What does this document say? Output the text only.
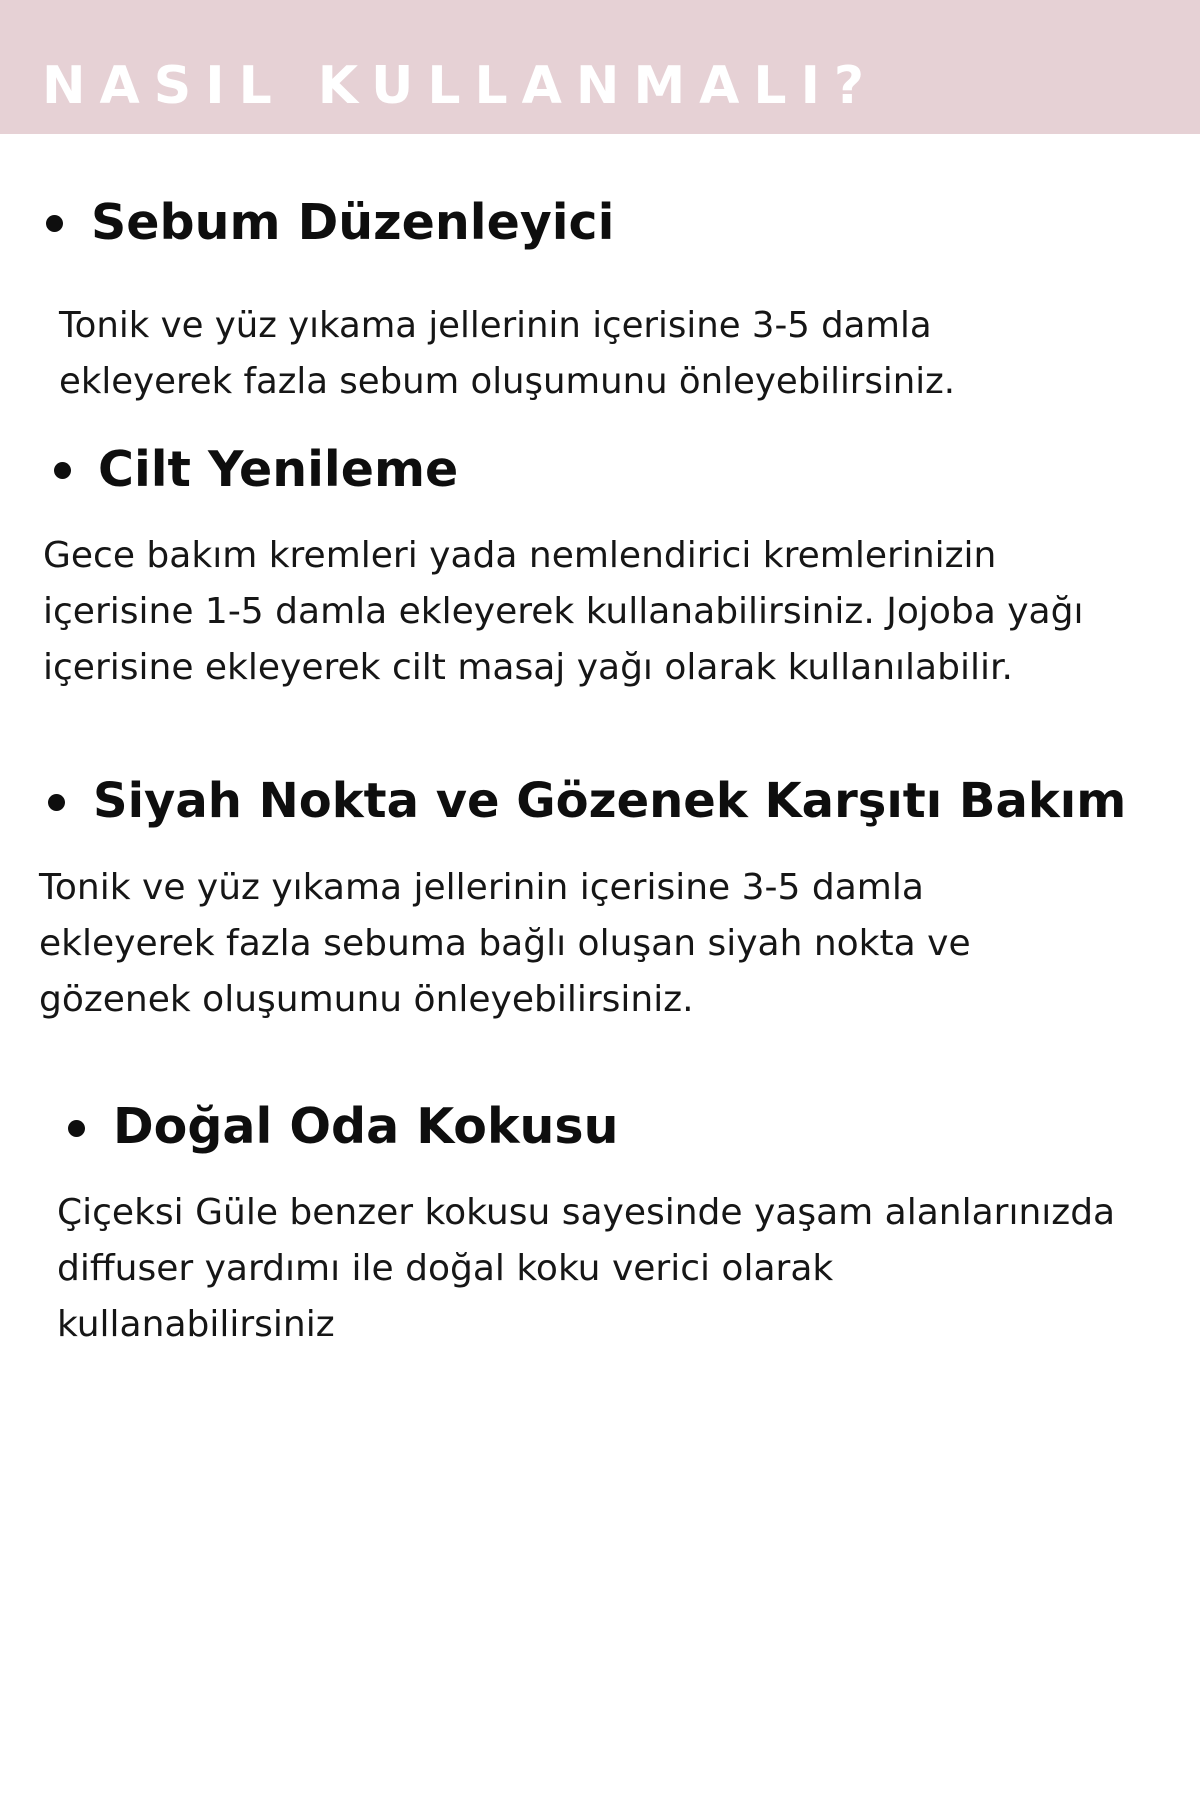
NASIL KULLANMALI?
Sebum Düzenleyici
Tonik ve yüz yıkama jellerinin içerisine 3-5 damla
ekleyerek fazla sebum oluşumunu önleyebilirsiniz.
Cilt Yenileme
Gece bakım kremleri yada nemlendirici kremlerinizin
içerisine 1-5 damla ekleyerek kullanabilirsiniz. Jojoba yağı
içerisine ekleyerek cilt masaj yağı olarak kullanılabilir.
Siyah Nokta ve Gözenek Karşıtı Bakım
Tonik ve yüz yıkama jellerinin içerisine 3-5 damla
ekleyerek fazla sebuma bağlı oluşan siyah nokta ve
gözenek oluşumunu önleyebilirsiniz.
Doğal Oda Kokusu
Çiçeksi Güle benzer kokusu sayesinde yaşam alanlarınızda
diffuser yardımı ile doğal koku verici olarak
kullanabilirsiniz
